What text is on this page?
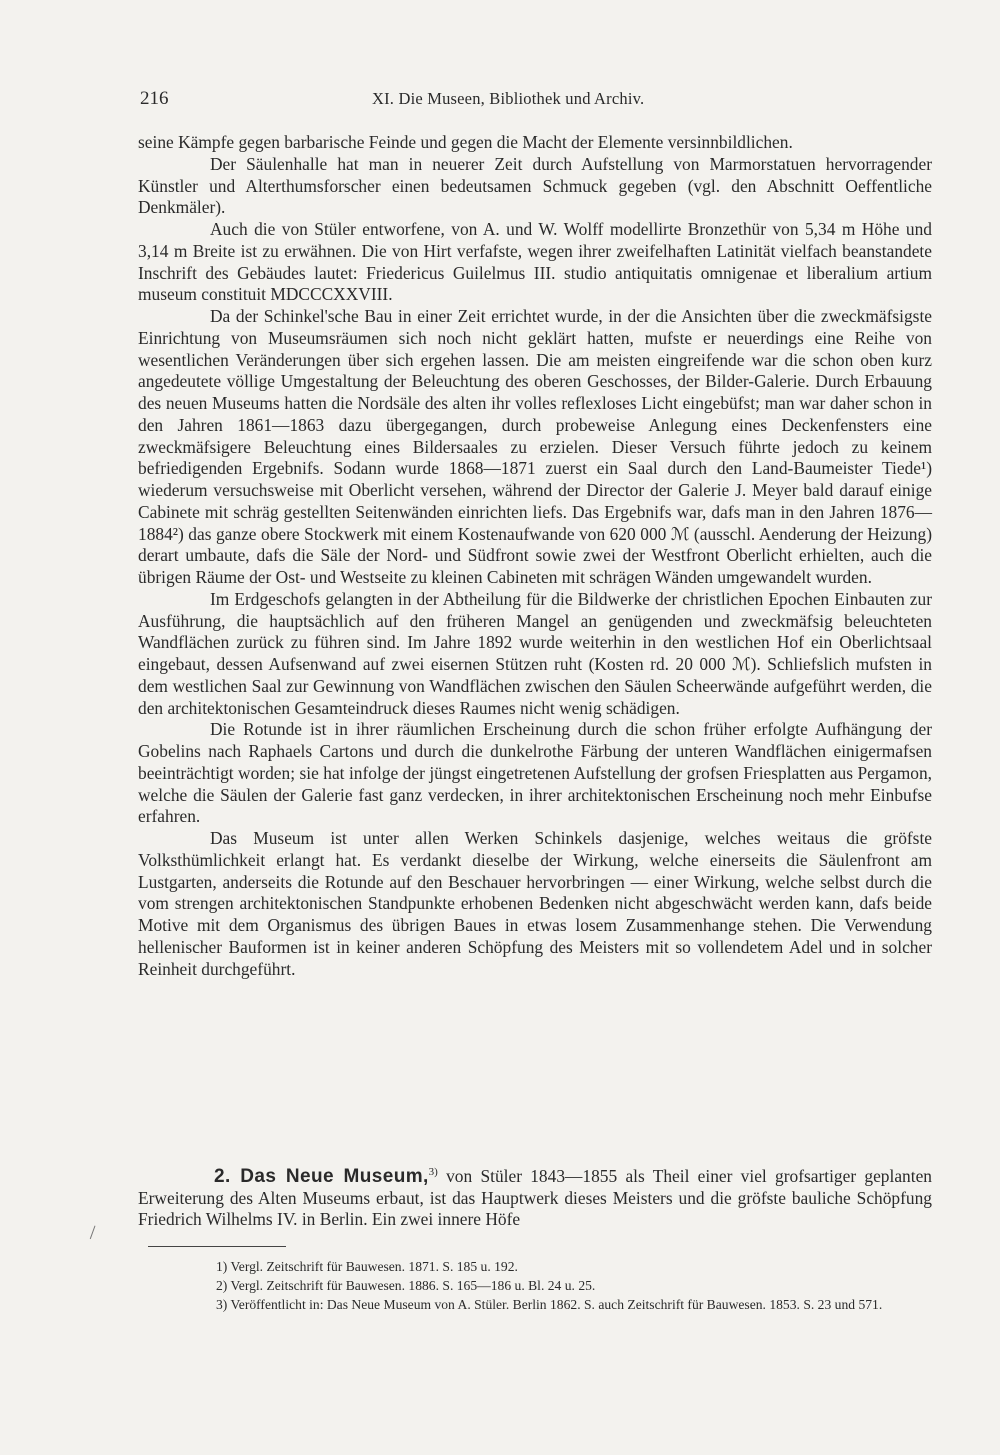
216	XI. Die Museen, Bibliothek und Archiv.

seine Kämpfe gegen barbarische Feinde und gegen die Macht der Elemente versinnbildlichen.

Der Säulenhalle hat man in neuerer Zeit durch Aufstellung von Marmorstatuen hervorragender Künstler und Alterthumsforscher einen bedeutsamen Schmuck gegeben (vgl. den Abschnitt Oeffentliche Denkmäler).

Auch die von Stüler entworfene, von A. und W. Wolff modellirte Bronzethür von 5,34 m Höhe und 3,14 m Breite ist zu erwähnen. Die von Hirt verfafste, wegen ihrer zweifelhaften Latinität vielfach beanstandete Inschrift des Gebäudes lautet: Friedericus Guilelmus III. studio antiquitatis omnigenae et liberalium artium museum constituit MDCCCXXVIII.

Da der Schinkel'sche Bau in einer Zeit errichtet wurde, in der die Ansichten über die zweckmäfsigste Einrichtung von Museumsräumen sich noch nicht geklärt hatten, mufste er neuerdings eine Reihe von wesentlichen Veränderungen über sich ergehen lassen. Die am meisten eingreifende war die schon oben kurz angedeutete völlige Umgestaltung der Beleuchtung des oberen Geschosses, der Bilder-Galerie. Durch Erbauung des neuen Museums hatten die Nordsäle des alten ihr volles reflexloses Licht eingebüfst; man war daher schon in den Jahren 1861—1863 dazu übergegangen, durch probeweise Anlegung eines Deckenfensters eine zweckmäfsigere Beleuchtung eines Bildersaales zu erzielen. Dieser Versuch führte jedoch zu keinem befriedigenden Ergebnifs. Sodann wurde 1868—1871 zuerst ein Saal durch den Land-Baumeister Tiede¹) wiederum versuchsweise mit Oberlicht versehen, während der Director der Galerie J. Meyer bald darauf einige Cabinete mit schräg gestellten Seitenwänden einrichten liefs. Das Ergebnifs war, dafs man in den Jahren 1876—1884²) das ganze obere Stockwerk mit einem Kostenaufwande von 620 000 ℳ (ausschl. Aenderung der Heizung) derart umbaute, dafs die Säle der Nord- und Südfront sowie zwei der Westfront Oberlicht erhielten, auch die übrigen Räume der Ost- und Westseite zu kleinen Cabineten mit schrägen Wänden umgewandelt wurden.

Im Erdgeschofs gelangten in der Abtheilung für die Bildwerke der christlichen Epochen Einbauten zur Ausführung, die hauptsächlich auf den früheren Mangel an genügenden und zweckmäfsig beleuchteten Wandflächen zurück zu führen sind. Im Jahre 1892 wurde weiterhin in den westlichen Hof ein Oberlichtsaal eingebaut, dessen Aufsenwand auf zwei eisernen Stützen ruht (Kosten rd. 20 000 ℳ). Schliefslich mufsten in dem westlichen Saal zur Gewinnung von Wandflächen zwischen den Säulen Scheerwände aufgeführt werden, die den architektonischen Gesamteindruck dieses Raumes nicht wenig schädigen.

Die Rotunde ist in ihrer räumlichen Erscheinung durch die schon früher erfolgte Aufhängung der Gobelins nach Raphaels Cartons und durch die dunkelrothe Färbung der unteren Wandflächen einigermafsen beeinträchtigt worden; sie hat infolge der jüngst eingetretenen Aufstellung der grofsen Friesplatten aus Pergamon, welche die Säulen der Galerie fast ganz verdecken, in ihrer architektonischen Erscheinung noch mehr Einbufse erfahren.

Das Museum ist unter allen Werken Schinkels dasjenige, welches weitaus die gröfste Volksthümlichkeit erlangt hat. Es verdankt dieselbe der Wirkung, welche einerseits die Säulenfront am Lustgarten, anderseits die Rotunde auf den Beschauer hervorbringen — einer Wirkung, welche selbst durch die vom strengen architektonischen Standpunkte erhobenen Bedenken nicht abgeschwächt werden kann, dafs beide Motive mit dem Organismus des übrigen Baues in etwas losem Zusammenhange stehen. Die Verwendung hellenischer Bauformen ist in keiner anderen Schöpfung des Meisters mit so vollendetem Adel und in solcher Reinheit durchgeführt.

2. Das Neue Museum,$^{3)}$ von Stüler 1843—1855 als Theil einer viel grofsartiger geplanten Erweiterung des Alten Museums erbaut, ist das Hauptwerk dieses Meisters und die gröfste bauliche Schöpfung Friedrich Wilhelms IV. in Berlin. Ein zwei innere Höfe

1) Vergl. Zeitschrift für Bauwesen. 1871. S. 185 u. 192.

2) Vergl. Zeitschrift für Bauwesen. 1886. S. 165—186 u. Bl. 24 u. 25.

3) Veröffentlicht in: Das Neue Museum von A. Stüler. Berlin 1862. S. auch Zeitschrift für Bauwesen. 1853. S. 23 und 571.
